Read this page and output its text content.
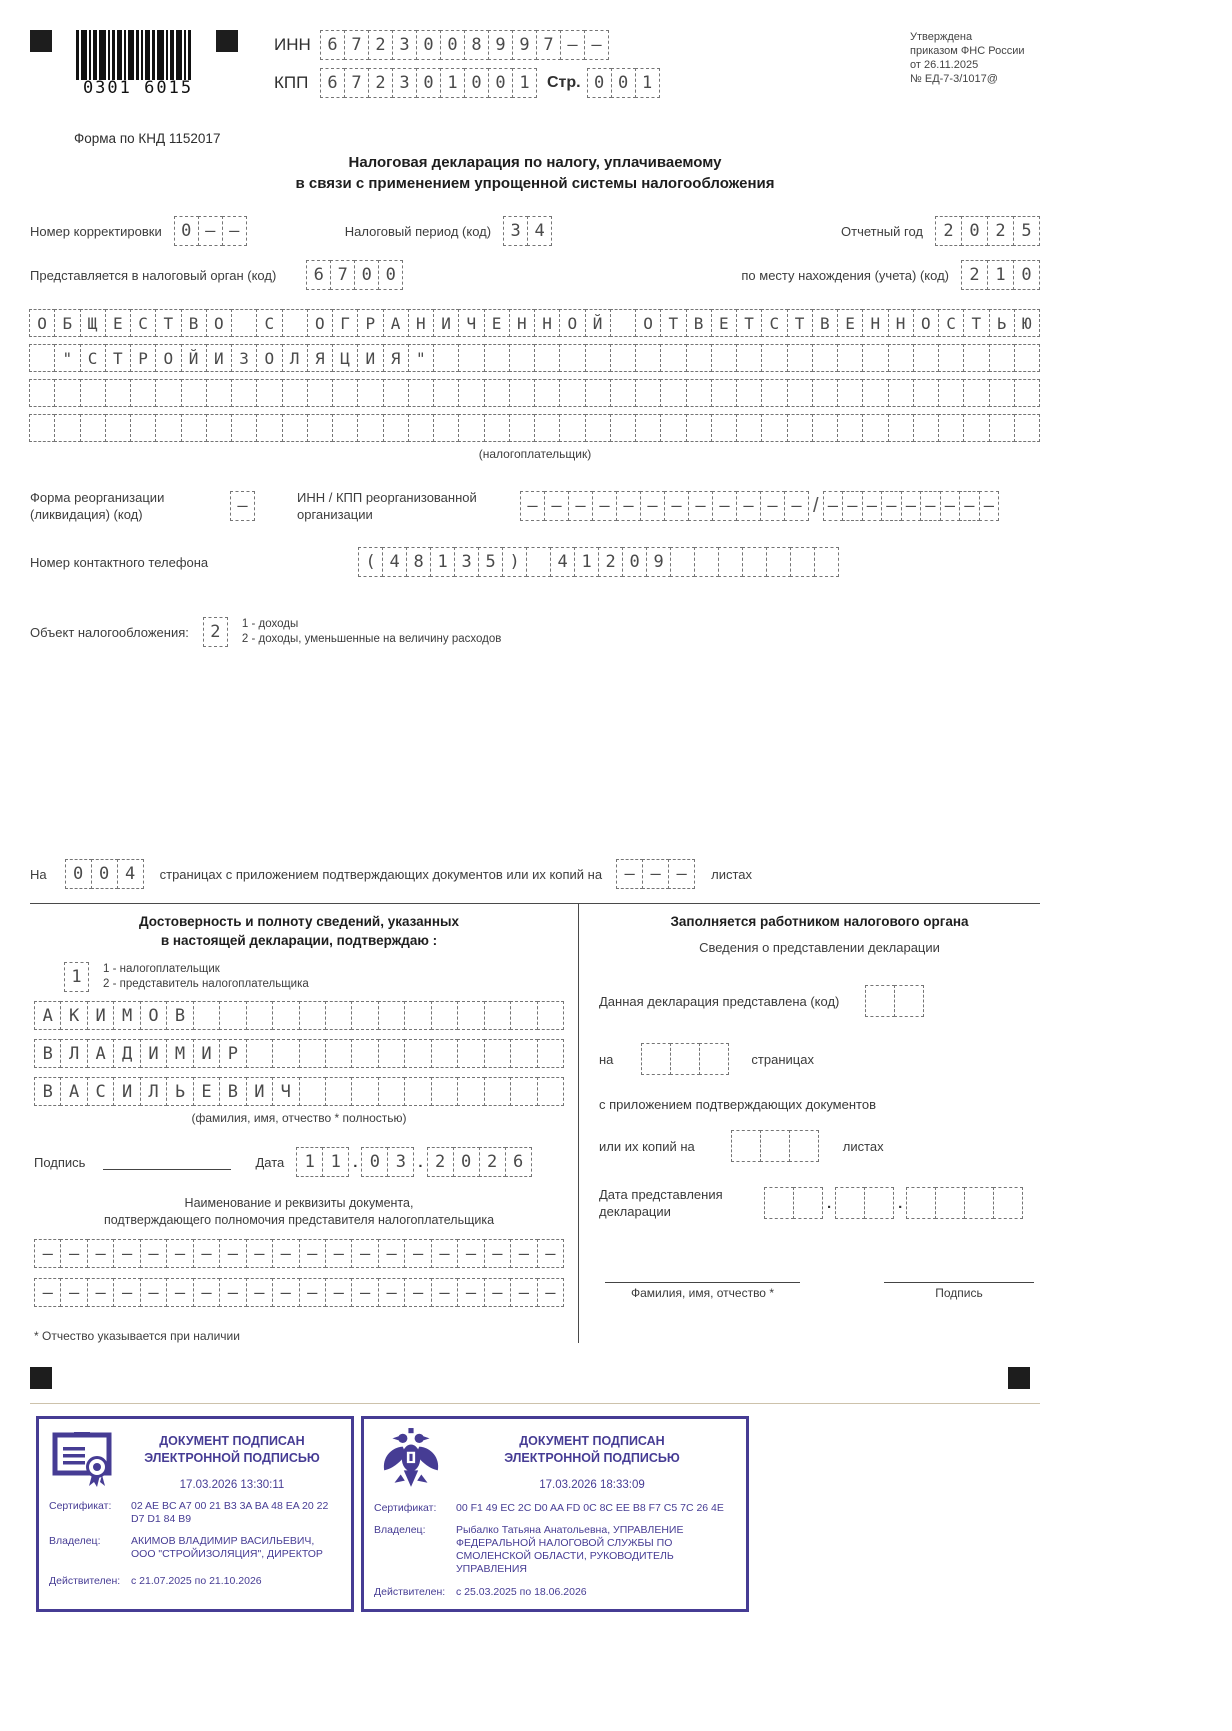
0301 6015
ИНН 6 7 2 3 0 0 8 9 9 7 – –
КПП	6 7 2 3 0 1 0 0 1	Стр. 0 0 1
Утверждена
приказом ФНС России
от 26.11.2025
№ ЕД-7-3/1017@
Форма по КНД 1152017
Налоговая декларация по налогу, уплачиваемому
в связи с применением упрощенной системы налогообложения
Номер корректировки	0 – –	Налоговый период (код)	3 4	Отчетный год	2 0 2 5
Представляется в налоговый орган (код)	6 7 0 0	по месту нахождения (учета) (код)	2 1 0
О Б Щ Е С Т В О
	С
	О Г Р А Н И Ч Е Н Н О Й
	О Т В Е Т С Т В Е Н Н О С Т Ь Ю

" С Т Р О Й И З О Л Я Ц И Я "

(налогоплательщик)
Форма реорганизации
(ликвидация) (код)	–	ИНН / КПП реорганизованной
организации	– – – – – – – – – – – – / – – – – – – – – –
Номер контактного телефона	( 4 8 1 3 5 )
	4 1 2 0 9

Объект налогообложения:	2	1 - доходы
2 - доходы, уменьшенные на величину расходов
На	0 0 4	страницах с приложением подтверждающих документов или их копий на	– – –	листах
Достоверность и полноту сведений, указанных
в настоящей декларации, подтверждаю :
1	1 - налогоплательщик
2 - представитель налогоплательщика
А К И М О В

В Л А Д И М И Р

В А С И Л Ь Е В И Ч

(фамилия, имя, отчество * полностью)
Подпись	Дата	1 1 . 0 3 . 2 0 2 6
Наименование и реквизиты документа,
подтверждающего полномочия представителя налогоплательщика
– – – – – – – – – – – – – – – – – – – –

– – – – – – – – – – – – – – – – – – – –
* Отчество указывается при наличии
Заполняется работником налогового органа
Сведения о представлении декларации
Данная декларация представлена (код)

на

	страницах
с приложением подтверждающих документов
или их копий на

	листах
Дата представления
декларации

	.

	.

Фамилия, имя, отчество *	Подпись
ДОКУМЕНТ ПОДПИСАН
ЭЛЕКТРОННОЙ ПОДПИСЬЮ
17.03.2026 13:30:11
Сертификат:	02 AE BC A7 00 21 B3 3A BA 48 EA 20 22 D7 D1 84 B9
Владелец:	АКИМОВ ВЛАДИМИР ВАСИЛЬЕВИЧ, ООО "СТРОЙИЗОЛЯЦИЯ", ДИРЕКТОР
Действителен:	с 21.07.2025 по 21.10.2026
ДОКУМЕНТ ПОДПИСАН
ЭЛЕКТРОННОЙ ПОДПИСЬЮ
17.03.2026 18:33:09
Сертификат:	00 F1 49 EC 2C D0 AA FD 0C 8C EE B8 F7 C5 7C 26 4E
Владелец:	Рыбалко Татьяна Анатольевна, УПРАВЛЕНИЕ ФЕДЕРАЛЬНОЙ НАЛОГОВОЙ СЛУЖБЫ ПО СМОЛЕНСКОЙ ОБЛАСТИ, РУКОВОДИТЕЛЬ УПРАВЛЕНИЯ
Действителен:	с 25.03.2025 по 18.06.2026
